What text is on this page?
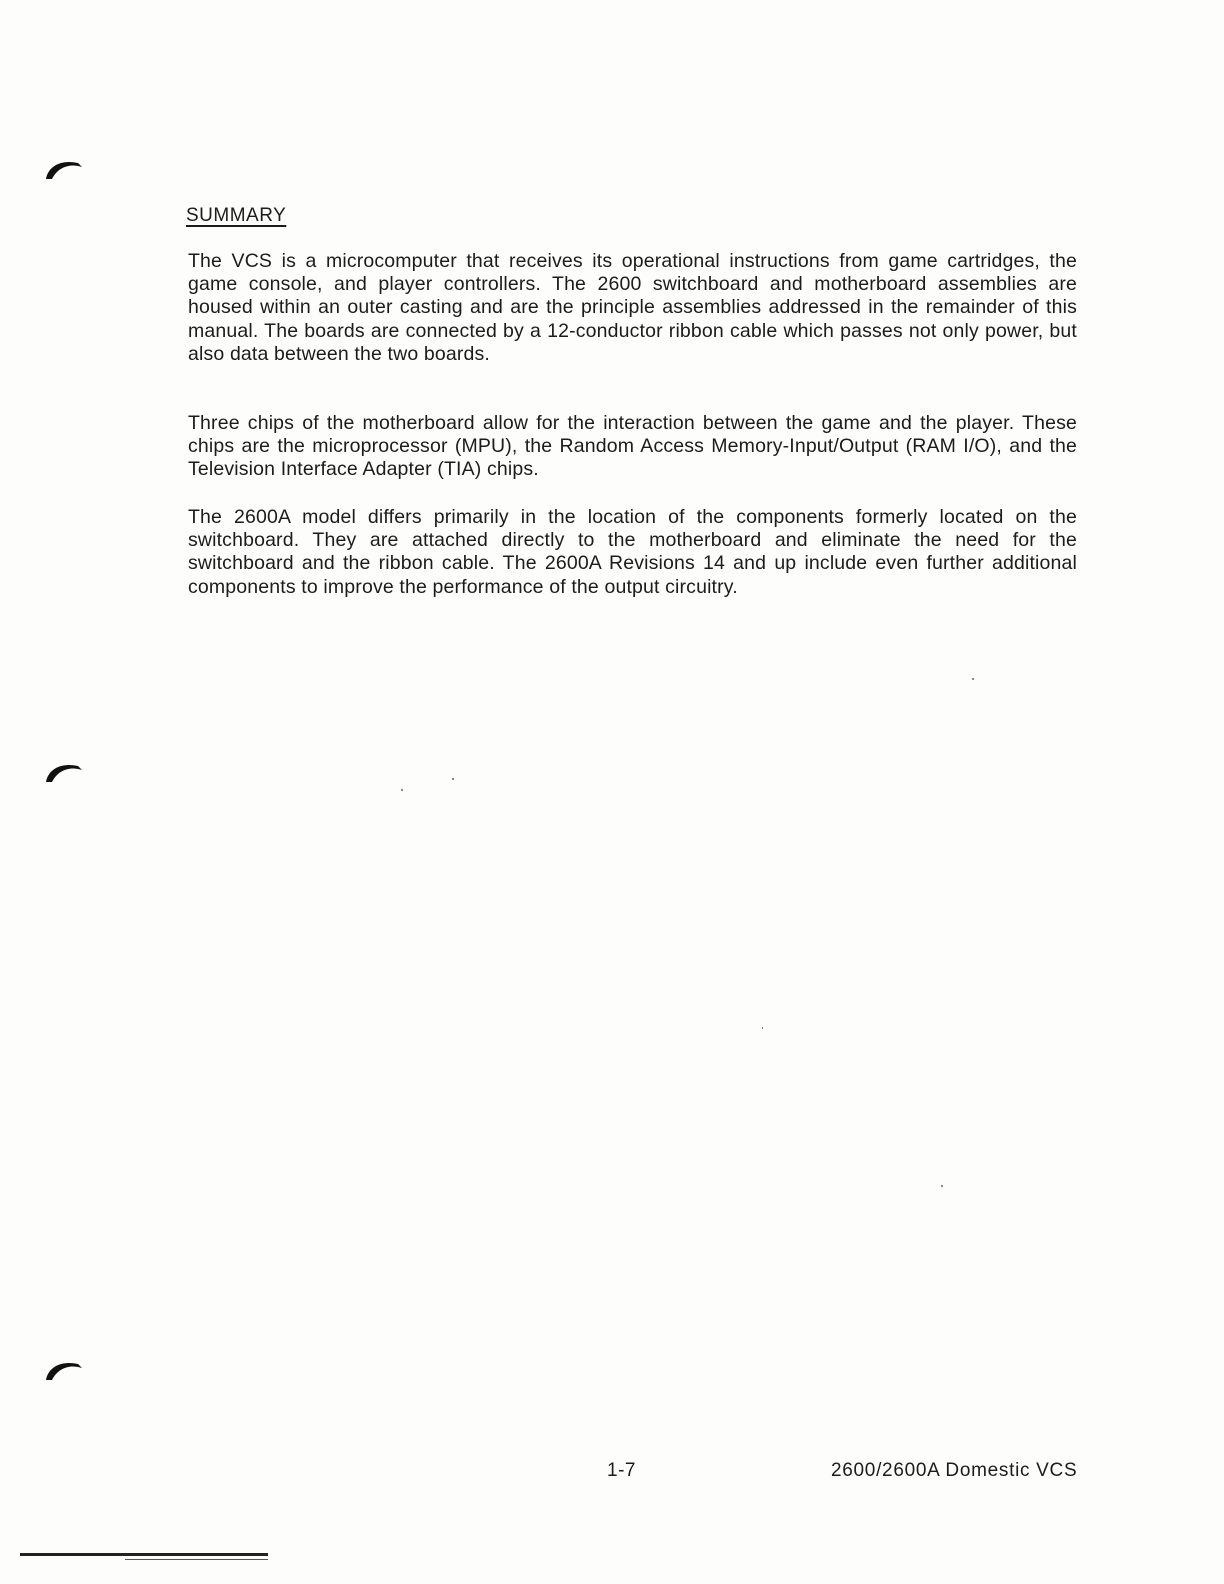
SUMMARY

The VCS is a microcomputer that receives its operational instructions from game cartridges, the game console, and player controllers. The 2600 switchboard and motherboard assemblies are housed within an outer casting and are the principle assemblies addressed in the remainder of this manual. The boards are connected by a 12-conductor ribbon cable which passes not only power, but also data between the two boards.

Three chips of the motherboard allow for the interaction between the game and the player. These chips are the microprocessor (MPU), the Random Access Memory-Input/Output (RAM I/O), and the Television Interface Adapter (TIA) chips.

The 2600A model differs primarily in the location of the components formerly located on the switchboard. They are attached directly to the motherboard and eliminate the need for the switchboard and the ribbon cable. The 2600A Revisions 14 and up include even further additional components to improve the performance of the output circuitry.

1-7	2600/2600A Domestic VCS
